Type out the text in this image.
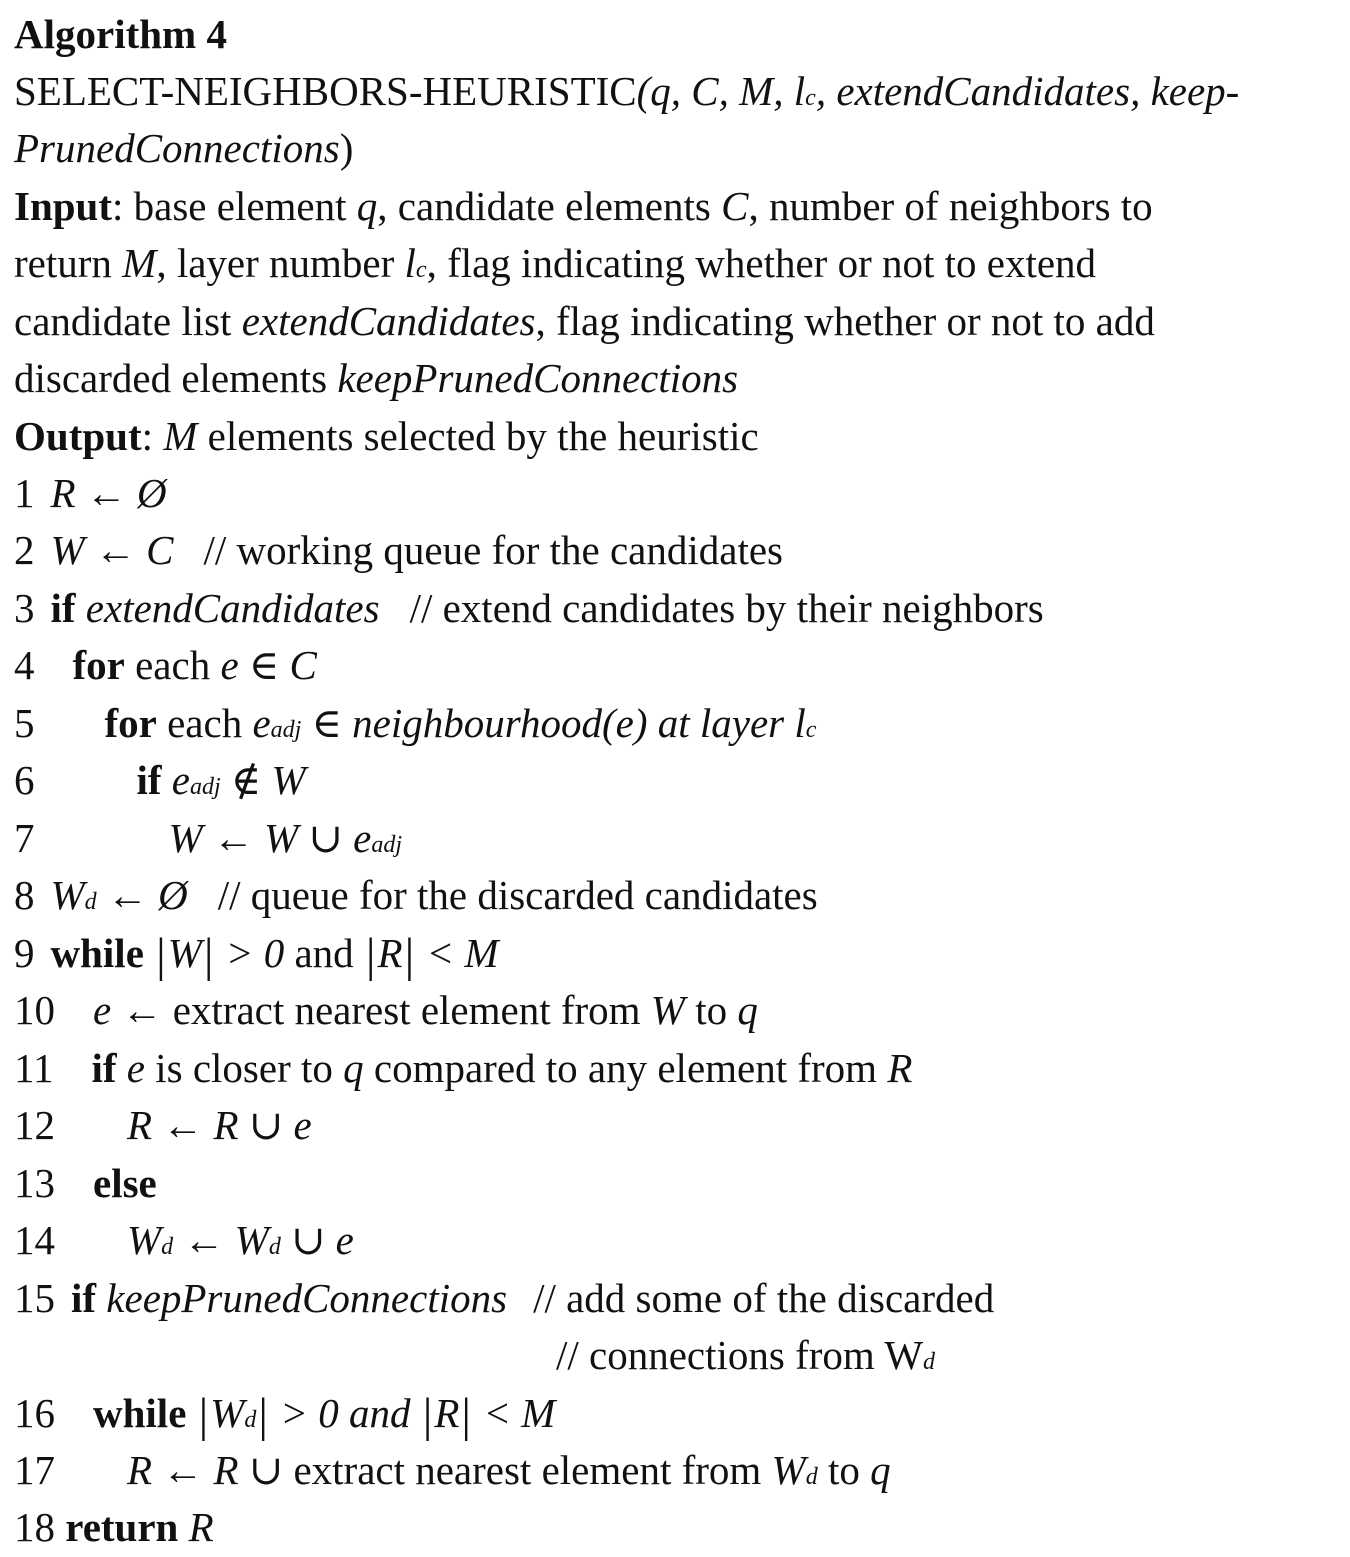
Algorithm 4
SELECT-NEIGHBORS-HEURISTIC(q, C, M, lc, extendCandidates, keep-
PrunedConnections)
Input: base element q, candidate elements C, number of neighbors to
return M, layer number lc, flag indicating whether or not to extend
candidate list extendCandidates, flag indicating whether or not to add
discarded elements keepPrunedConnections
Output: M elements selected by the heuristic
1 R ← Ø
2 W ← C // working queue for the candidates
3 if extendCandidates // extend candidates by their neighbors
4 for each e ∈ C
5 for each eadj ∈ neighbourhood(e) at layer lc
6 if eadj ∉ W
7	W ← W ∪ eadj
8 Wd ← Ø // queue for the discarded candidates
9 while |W| > 0 and |R| < M
10 e ← extract nearest element from W to q
11 if e is closer to q compared to any element from R
12 R ← R ∪ e
13 else
14 Wd ← Wd ∪ e
15 if keepPrunedConnections // add some of the discarded
// connections from Wd
16 while |Wd| > 0 and |R| < M
17 R ← R ∪ extract nearest element from Wd to q
18 return R
